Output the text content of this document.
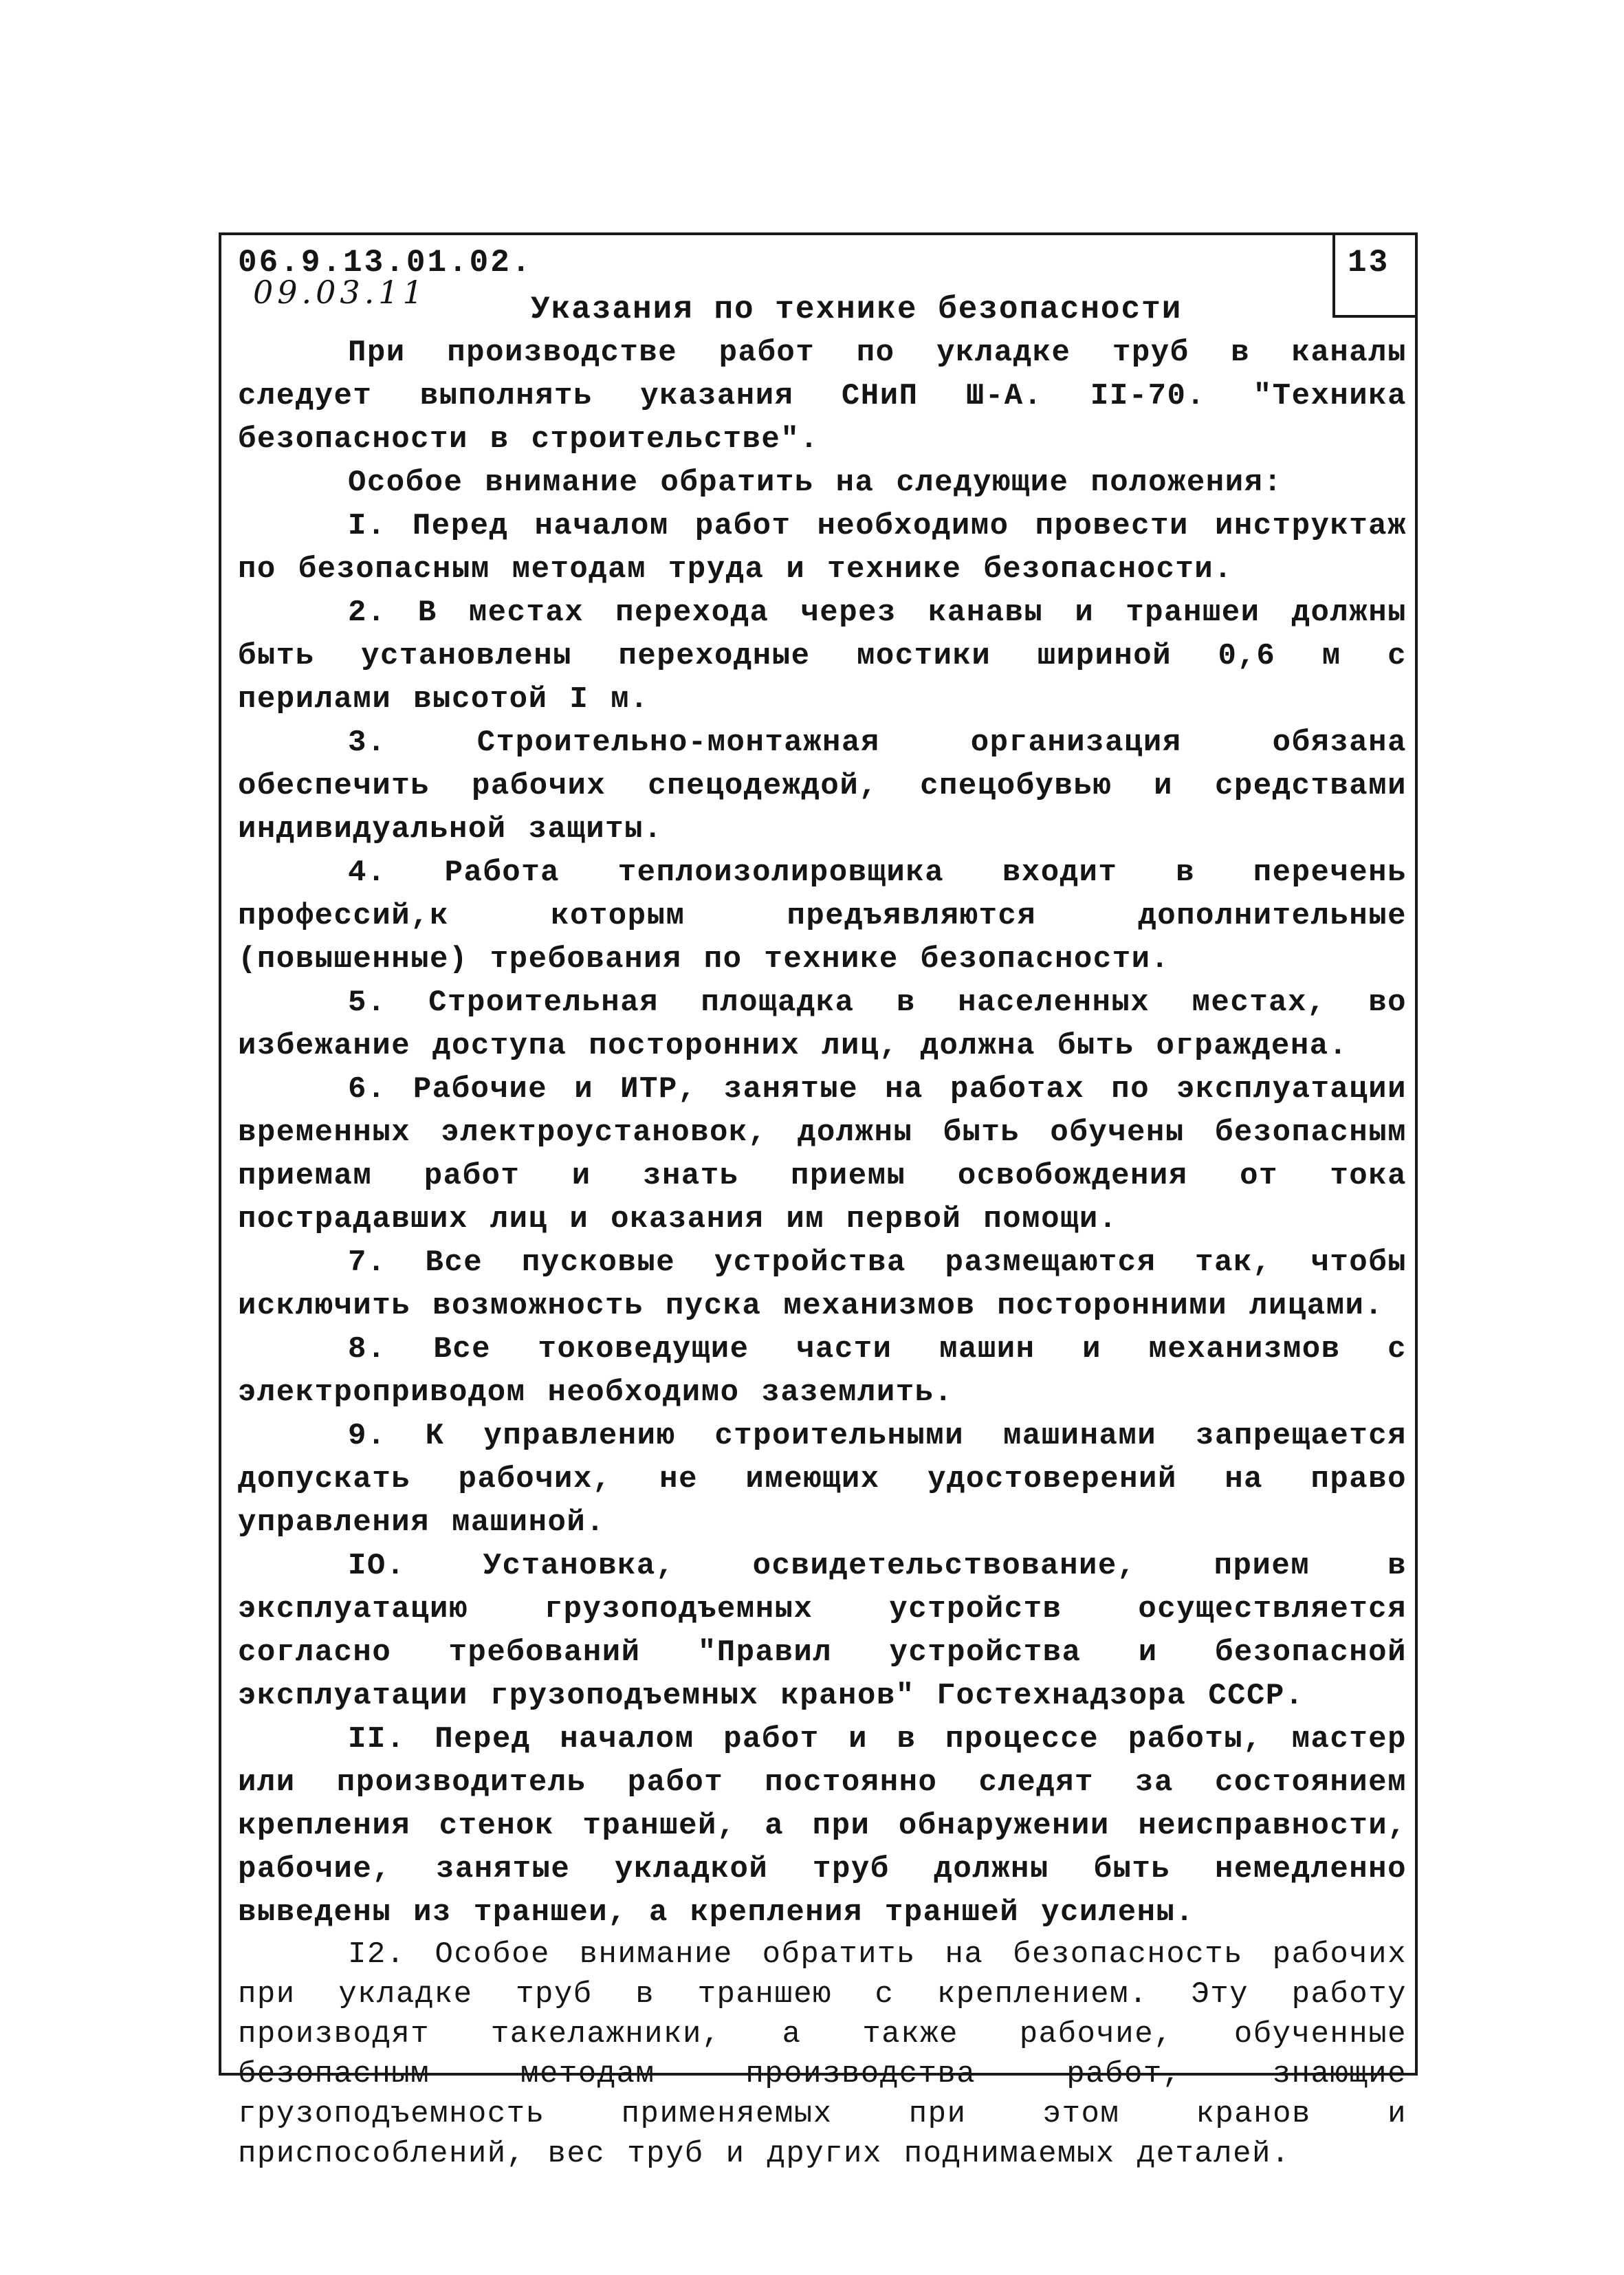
06.9.13.01.02.

09.03.11

13

Указания по технике безопасности

При производстве работ по укладке труб в каналы следует выполнять указания СНиП Ш-А. II-70. "Техника безопасности в строительстве".

Особое внимание обратить на следующие положения:

I. Перед началом работ необходимо провести инструктаж по безопасным методам труда и технике безопасности.

2. В местах перехода через канавы и траншеи должны быть установлены переходные мостики шириной 0,6 м с перилами высотой I м.

3. Строительно-монтажная организация обязана обеспечить рабочих спецодеждой, спецобувью и средствами индивидуальной защиты.

4. Работа теплоизолировщика входит в перечень профессий,к которым предъявляются дополнительные (повышенные) требования по технике безопасности.

5. Строительная площадка в населенных местах, во избежание доступа посторонних лиц, должна быть ограждена.

6. Рабочие и ИТР, занятые на работах по эксплуатации временных электроустановок, должны быть обучены безопасным приемам работ и знать приемы освобождения от тока пострадавших лиц и оказания им первой помощи.

7. Все пусковые устройства размещаются так, чтобы исключить возможность пуска механизмов посторонними лицами.

8. Все токоведущие части машин и механизмов с электроприводом необходимо заземлить.

9. К управлению строительными машинами запрещается допускать рабочих, не имеющих удостоверений на право управления машиной.

IO. Установка, освидетельствование, прием в эксплуатацию грузоподъемных устройств осуществляется согласно требований "Правил устройства и безопасной эксплуатации грузоподъемных кранов" Гостехнадзора СССР.

II. Перед началом работ и в процессе работы, мастер или производитель работ постоянно следят за состоянием крепления стенок траншей, а при обнаружении неисправности, рабочие, занятые укладкой труб должны быть немедленно выведены из траншеи, а крепления траншей усилены.

I2. Особое внимание обратить на безопасность рабочих при укладке труб в траншею с креплением. Эту работу производят такелажники, а также рабочие, обученные безопасным методам производства работ, знающие грузоподъемность применяемых при этом кранов и приспособлений, вес труб и других поднимаемых деталей.
